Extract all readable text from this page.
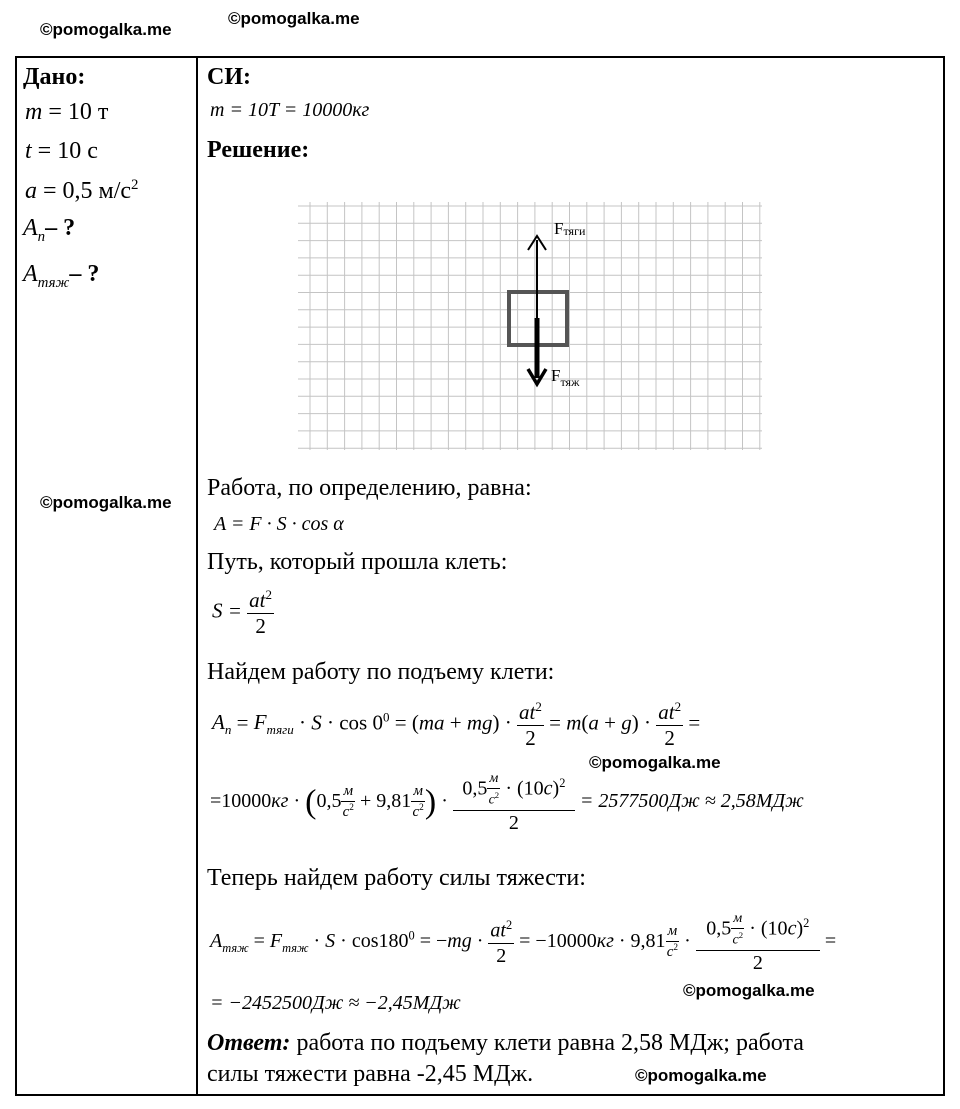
©pomogalka.me
©pomogalka.me
©pomogalka.me
©pomogalka.me
©pomogalka.me
©pomogalka.me
Дано:
m = 10 т
t = 10 с
a = 0,5 $м/с^2$
$A_n-$ ?
$A_{тяж}-$ ?
СИ:
m = 10T = 10000кг
Решение:
Fтяги
$F_{тяж}$
Работа, по определению, равна:
A = F · S · cos α
Путь, который прошла клеть:
$S = \frac{at^2}{2}$
Найдем работу по подъему клети:
$A_n = F_{тяги} \cdot S \cdot \cos 0^0 = (ma + mg) \cdot \frac{at^2}{2} = m(a + g) \cdot \frac{at^2}{2}$ =
$=10000кг \cdot (0,5 \frac{м}{с^2} + 9,81 \frac{м}{с^2}$ ) · $\frac{0,5 \frac{м}{с^2} \cdot (10с)^2}{2} = 2577500Дж \approx 2,58МДж$
Теперь найдем работу силы тяжести:
$A_{тяж} = F_{тяж} \cdot S \cdot \cos 180^0 = -mg \cdot \frac{at^2}{2} = -10000кг \cdot 9,81 \frac{м}{с^2} \cdot \frac{0,5 \frac{м}{с^2} \cdot (10с)^2}{2}$ =
= −2452500Дж ≈ −2,45МДж
Ответ: работа по подъему клети равна 2,58 МДж; работа
силы тяжести равна -2,45 МДж.
